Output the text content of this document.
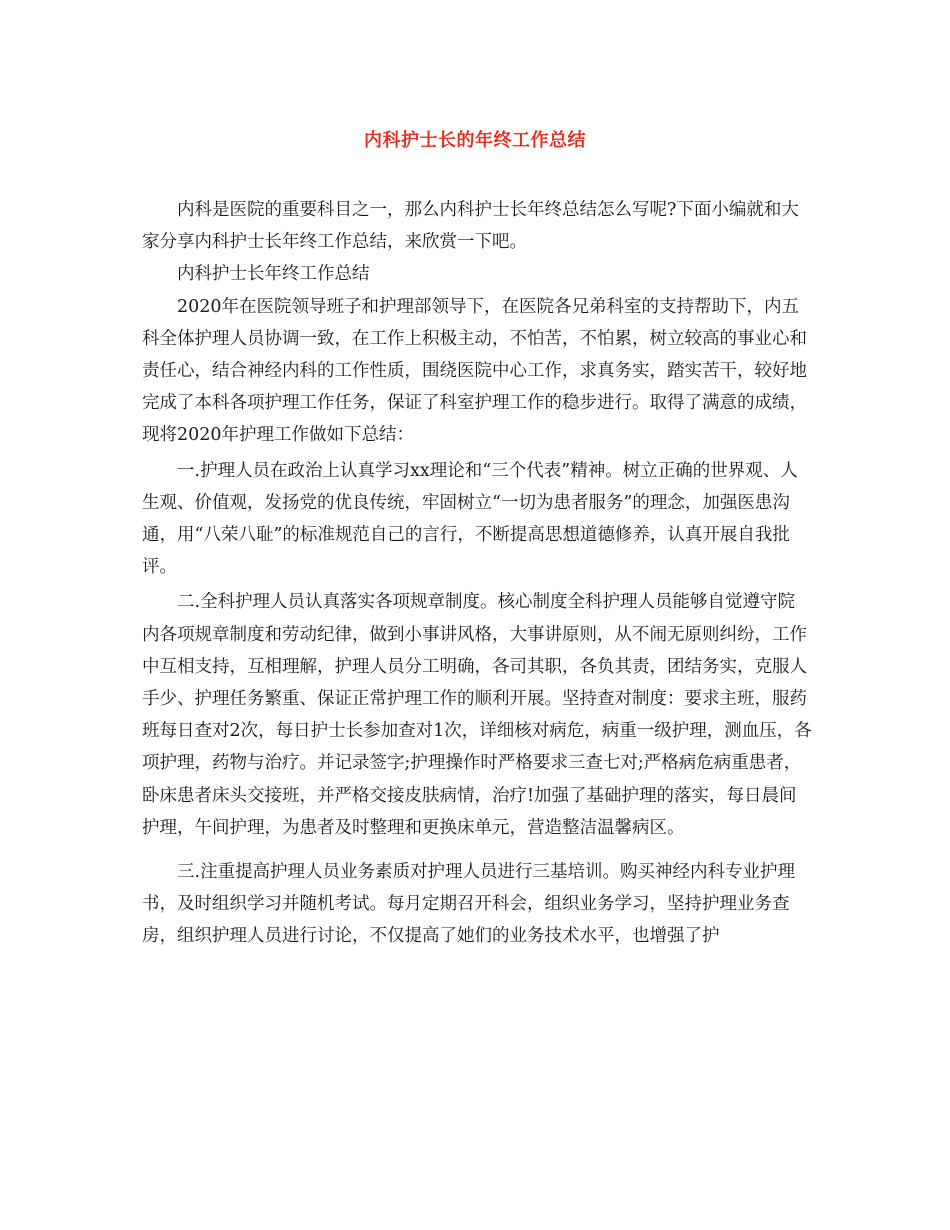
内科护士长的年终工作总结

内科是医院的重要科目之一，那么内科护士长年终总结怎么写呢?下面小编就和大家分享内科护士长年终工作总结，来欣赏一下吧。

内科护士长年终工作总结

2020年在医院领导班子和护理部领导下，在医院各兄弟科室的支持帮助下，内五科全体护理人员协调一致，在工作上积极主动，不怕苦，不怕累，树立较高的事业心和责任心，结合神经内科的工作性质，围绕医院中心工作，求真务实，踏实苦干，较好地完成了本科各项护理工作任务，保证了科室护理工作的稳步进行。取得了满意的成绩，现将2020年护理工作做如下总结：

一.护理人员在政治上认真学习xx理论和“三个代表”精神。树立正确的世界观、人生观、价值观，发扬党的优良传统，牢固树立“一切为患者服务”的理念，加强医患沟通，用“八荣八耻”的标准规范自己的言行，不断提高思想道德修养，认真开展自我批评。

二.全科护理人员认真落实各项规章制度。核心制度全科护理人员能够自觉遵守院内各项规章制度和劳动纪律，做到小事讲风格，大事讲原则，从不闹无原则纠纷，工作中互相支持，互相理解，护理人员分工明确，各司其职，各负其责，团结务实，克服人手少、护理任务繁重、保证正常护理工作的顺利开展。坚持查对制度：要求主班，服药班每日查对2次，每日护士长参加查对1次，详细核对病危，病重一级护理，测血压，各项护理，药物与治疗。并记录签字;护理操作时严格要求三查七对;严格病危病重患者，卧床患者床头交接班，并严格交接皮肤病情，治疗!加强了基础护理的落实，每日晨间护理，午间护理，为患者及时整理和更换床单元，营造整洁温馨病区。

三.注重提高护理人员业务素质对护理人员进行三基培训。购买神经内科专业护理书，及时组织学习并随机考试。每月定期召开科会，组织业务学习，坚持护理业务查房，组织护理人员进行讨论，不仅提高了她们的业务技术水平，也增强了护
